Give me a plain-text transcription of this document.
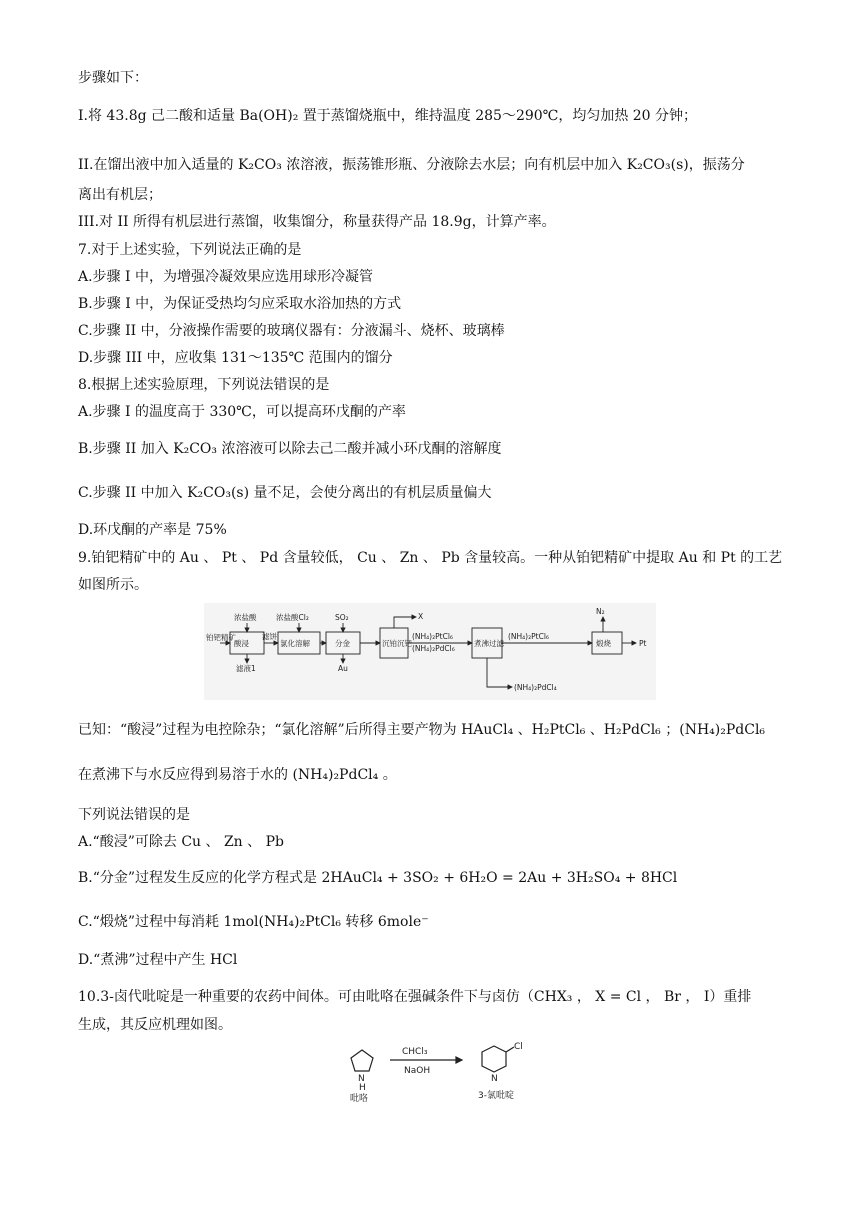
步骤如下：
I.将 43.8g 己二酸和适量 Ba(OH)₂ 置于蒸馏烧瓶中，维持温度 285～290℃，均匀加热 20 分钟；
II.在馏出液中加入适量的 K₂CO₃ 浓溶液，振荡锥形瓶、分液除去水层；向有机层中加入 K₂CO₃(s)，振荡分
离出有机层；
III.对 II 所得有机层进行蒸馏，收集馏分，称量获得产品 18.9g，计算产率。
7.对于上述实验，下列说法正确的是
A.步骤 I 中，为增强冷凝效果应选用球形冷凝管
B.步骤 I 中，为保证受热均匀应采取水浴加热的方式
C.步骤 II 中，分液操作需要的玻璃仪器有：分液漏斗、烧杯、玻璃棒
D.步骤 III 中，应收集 131～135℃ 范围内的馏分
8.根据上述实验原理，下列说法错误的是
A.步骤 I 的温度高于 330℃，可以提高环戊酮的产率
B.步骤 II 加入 K₂CO₃ 浓溶液可以除去己二酸并减小环戊酮的溶解度
C.步骤 II 中加入 K₂CO₃(s) 量不足，会使分离出的有机层质量偏大
D.环戊酮的产率是 75%
9.铂钯精矿中的 Au 、 Pt 、 Pd 含量较低， Cu 、 Zn 、 Pb 含量较高。一种从铂钯精矿中提取 Au 和 Pt 的工艺
如图所示。
铂钯精矿
酸浸	氯化溶解	分金	沉铂沉钯	煮沸过滤	煅烧
浓盐酸	浓盐酸Cl₂	SO₂
滤液1
滤饼
Au
X
(NH₄)₂PtCl₆
(NH₄)₂PdCl₆
(NH₄)₂PtCl₆
(NH₄)₂PdCl₄
N₂
Pt
已知：“酸浸”过程为电控除杂；“氯化溶解”后所得主要产物为 HAuCl₄ 、H₂PtCl₆ 、H₂PdCl₆ ；(NH₄)₂PdCl₆
在煮沸下与水反应得到易溶于水的 (NH₄)₂PdCl₄ 。
下列说法错误的是
A.“酸浸”可除去 Cu 、 Zn 、 Pb
B.“分金”过程发生反应的化学方程式是 2HAuCl₄ + 3SO₂ + 6H₂O = 2Au + 3H₂SO₄ + 8HCl
C.“煅烧”过程中每消耗 1mol(NH₄)₂PtCl₆ 转移 6mole⁻
D.“煮沸”过程中产生 HCl
10.3-卤代吡啶是一种重要的农药中间体。可由吡咯在强碱条件下与卤仿（CHX₃ ， X = Cl ， Br ， I）重排
生成，其反应机理如图。
CHCl₃
NaOH
N
H
吡咯
Cl
N
3-氯吡啶
